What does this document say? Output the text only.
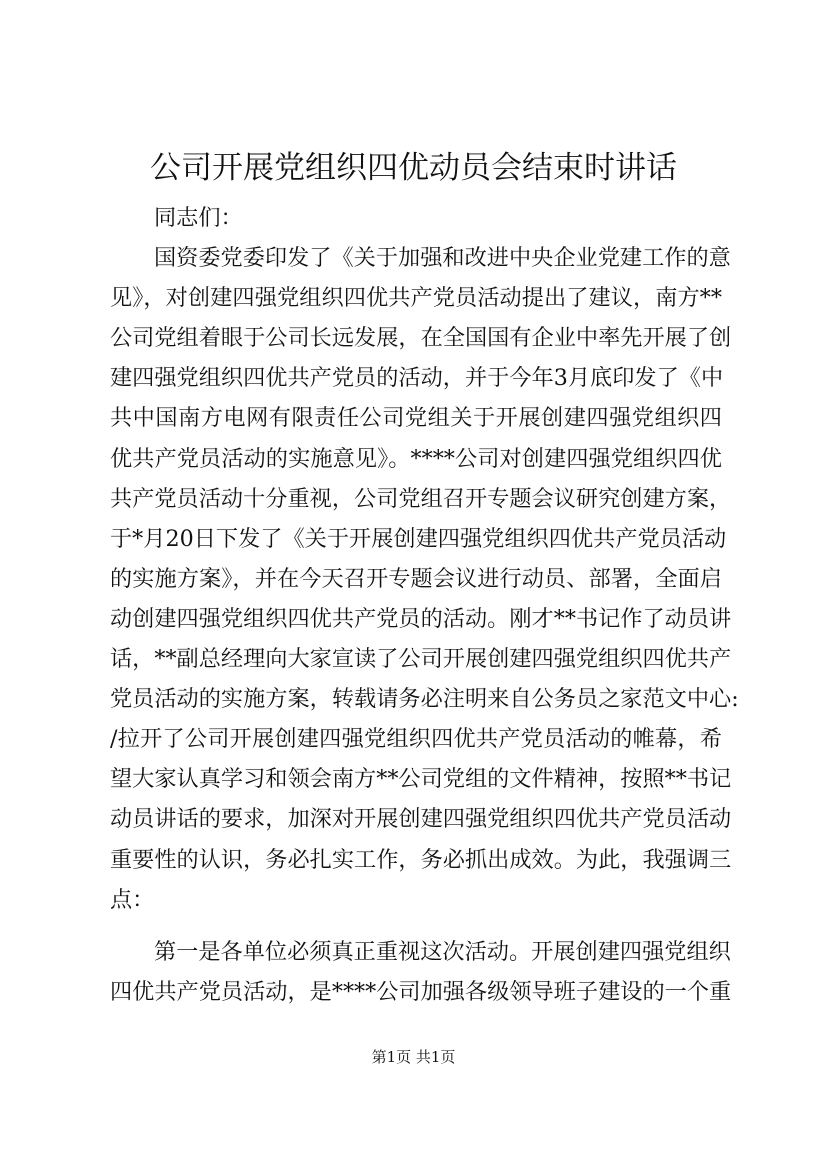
公司开展党组织四优动员会结束时讲话
同志们：
国资委党委印发了《关于加强和改进中央企业党建工作的意
见》，对创建四强党组织四优共产党员活动提出了建议，南方**
公司党组着眼于公司长远发展，在全国国有企业中率先开展了创
建四强党组织四优共产党员的活动，并于今年3月底印发了《中
共中国南方电网有限责任公司党组关于开展创建四强党组织四
优共产党员活动的实施意见》。****公司对创建四强党组织四优
共产党员活动十分重视，公司党组召开专题会议研究创建方案，
于*月20日下发了《关于开展创建四强党组织四优共产党员活动
的实施方案》，并在今天召开专题会议进行动员、部署，全面启
动创建四强党组织四优共产党员的活动。刚才**书记作了动员讲
话，**副总经理向大家宣读了公司开展创建四强党组织四优共产
党员活动的实施方案，转载请务必注明来自公务员之家范文中心:
/拉开了公司开展创建四强党组织四优共产党员活动的帷幕，希
望大家认真学习和领会南方**公司党组的文件精神，按照**书记
动员讲话的要求，加深对开展创建四强党组织四优共产党员活动
重要性的认识，务必扎实工作，务必抓出成效。为此，我强调三
点：
第一是各单位必须真正重视这次活动。开展创建四强党组织
四优共产党员活动，是****公司加强各级领导班子建设的一个重
第1页 共1页
